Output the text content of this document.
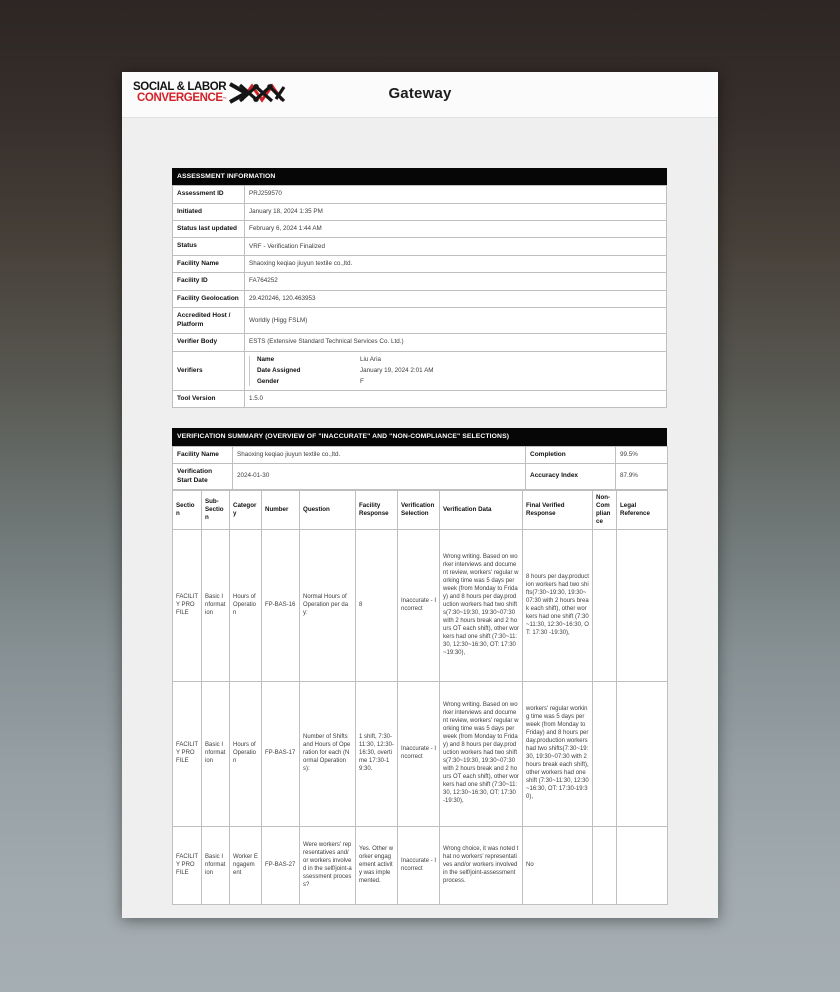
SOCIAL & LABOR
CONVERGENCE™	Gateway
ASSESSMENT INFORMATION
Assessment ID	PRJ259570
Initiated	January 18, 2024 1:35 PM
Status last updated	February 6, 2024 1:44 AM
Status	VRF - Verification Finalized
Facility Name	Shaoxing keqiao jiuyun textile co.,ltd.
Facility ID	FA764252
Facility Geolocation	29.420246, 120.463953
Accredited Host / Platform	Worldly (Higg FSLM)
Verifier Body	ESTS (Extensive Standard Technical Services Co. Ltd.)
Verifiers	
Name	Liu Aria
Date Assigned	January 19, 2024 2:01 AM
Gender	F

Tool Version	1.5.0
VERIFICATION SUMMARY (OVERVIEW OF "INACCURATE" AND "NON-COMPLIANCE" SELECTIONS)
Facility Name	Shaoxing keqiao jiuyun textile co.,ltd.	Completion	99.5%
Verification Start Date	2024-01-30	Accuracy Index	87.9%
Section	Sub-Section	Category	Number	Question	Facility Response	Verification Selection	Verification Data	Final Verified Response	Non-Compliance	Legal Reference
FACILITY PROFILE	Basic Information	Hours of Operation	FP-BAS-16	Normal Hours of Operation per day:	8	Inaccurate - Incorrect	Wrong writing. Based on worker interviews and document review, workers' regular working time was 5 days per week (from Monday to Friday) and 8 hours per day.production workers had two shifts(7:30~19:30, 19:30~07:30 with 2 hours break and 2 hours OT each shift), other workers had one shift (7:30~11:30, 12:30~16:30, OT: 17:30 ~19:30),	8 hours per day.production workers had two shifts(7:30~19:30, 19:30~07:30 with 2 hours break each shift), other workers had one shift (7:30~11:30, 12:30~16:30, OT: 17:30 -19:30),		
FACILITY PROFILE	Basic Information	Hours of Operation	FP-BAS-17	Number of Shifts and Hours of Operation for each (Normal Operations):	1 shift, 7:30-11:30, 12:30-16:30, overtime 17:30-19:30.	Inaccurate - Incorrect	Wrong writing. Based on worker interviews and document review, workers' regular working time was 5 days per week (from Monday to Friday) and 8 hours per day.production workers had two shifts(7:30~19:30, 19:30~07:30 with 2 hours break and 2 hours OT each shift), other workers had one shift (7:30~11:30, 12:30~16:30, OT: 17:30 -19:30),	workers' regular working time was 5 days per week (from Monday to Friday) and 8 hours per day.production workers had two shifts(7:30~19:30, 19:30~07:30 with 2 hours break each shift), other workers had one shift (7:30~11:30, 12:30~16:30, OT: 17:30-19:30),		
FACILITY PROFILE	Basic Information	Worker Engagement	FP-BAS-27	Were workers' representatives and/or workers involved in the self/joint-assessment process?	Yes. Other worker engagement activity was implemented.	Inaccurate - Incorrect	Wrong choice, it was noted that no workers' representatives and/or workers involved in the self/joint-assessment process.	No		
